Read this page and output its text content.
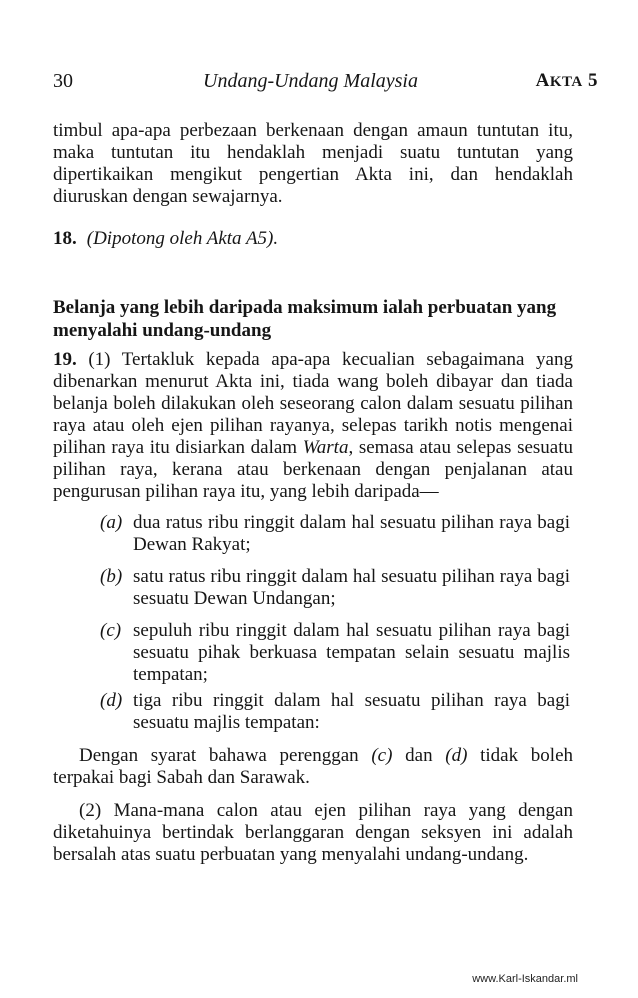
30	Undang-Undang Malaysia	AKTA 5

timbul apa-apa perbezaan berkenaan dengan amaun tuntutan itu, maka tuntutan itu hendaklah menjadi suatu tuntutan yang dipertikaikan mengikut pengertian Akta ini, dan hendaklah diuruskan dengan sewajarnya.

18. (Dipotong oleh Akta A5).
Belanja yang lebih daripada maksimum ialah perbuatan yang menyalahi undang-undang

19. (1) Tertakluk kepada apa-apa kecualian sebagaimana yang dibenarkan menurut Akta ini, tiada wang boleh dibayar dan tiada belanja boleh dilakukan oleh seseorang calon dalam sesuatu pilihan raya atau oleh ejen pilihan rayanya, selepas tarikh notis mengenai pilihan raya itu disiarkan dalam Warta, semasa atau selepas sesuatu pilihan raya, kerana atau berkenaan dengan penjalanan atau pengurusan pilihan raya itu, yang lebih daripada—

(a) dua ratus ribu ringgit dalam hal sesuatu pilihan raya bagi Dewan Rakyat;
(b) satu ratus ribu ringgit dalam hal sesuatu pilihan raya bagi sesuatu Dewan Undangan;
(c) sepuluh ribu ringgit dalam hal sesuatu pilihan raya bagi sesuatu pihak berkuasa tempatan selain sesuatu majlis tempatan;
(d) tiga ribu ringgit dalam hal sesuatu pilihan raya bagi sesuatu majlis tempatan:

Dengan syarat bahawa perenggan (c) dan (d) tidak boleh terpakai bagi Sabah dan Sarawak.

(2) Mana-mana calon atau ejen pilihan raya yang dengan diketahuinya bertindak berlanggaran dengan seksyen ini adalah bersalah atas suatu perbuatan yang menyalahi undang-undang.

www.Karl-Iskandar.ml
